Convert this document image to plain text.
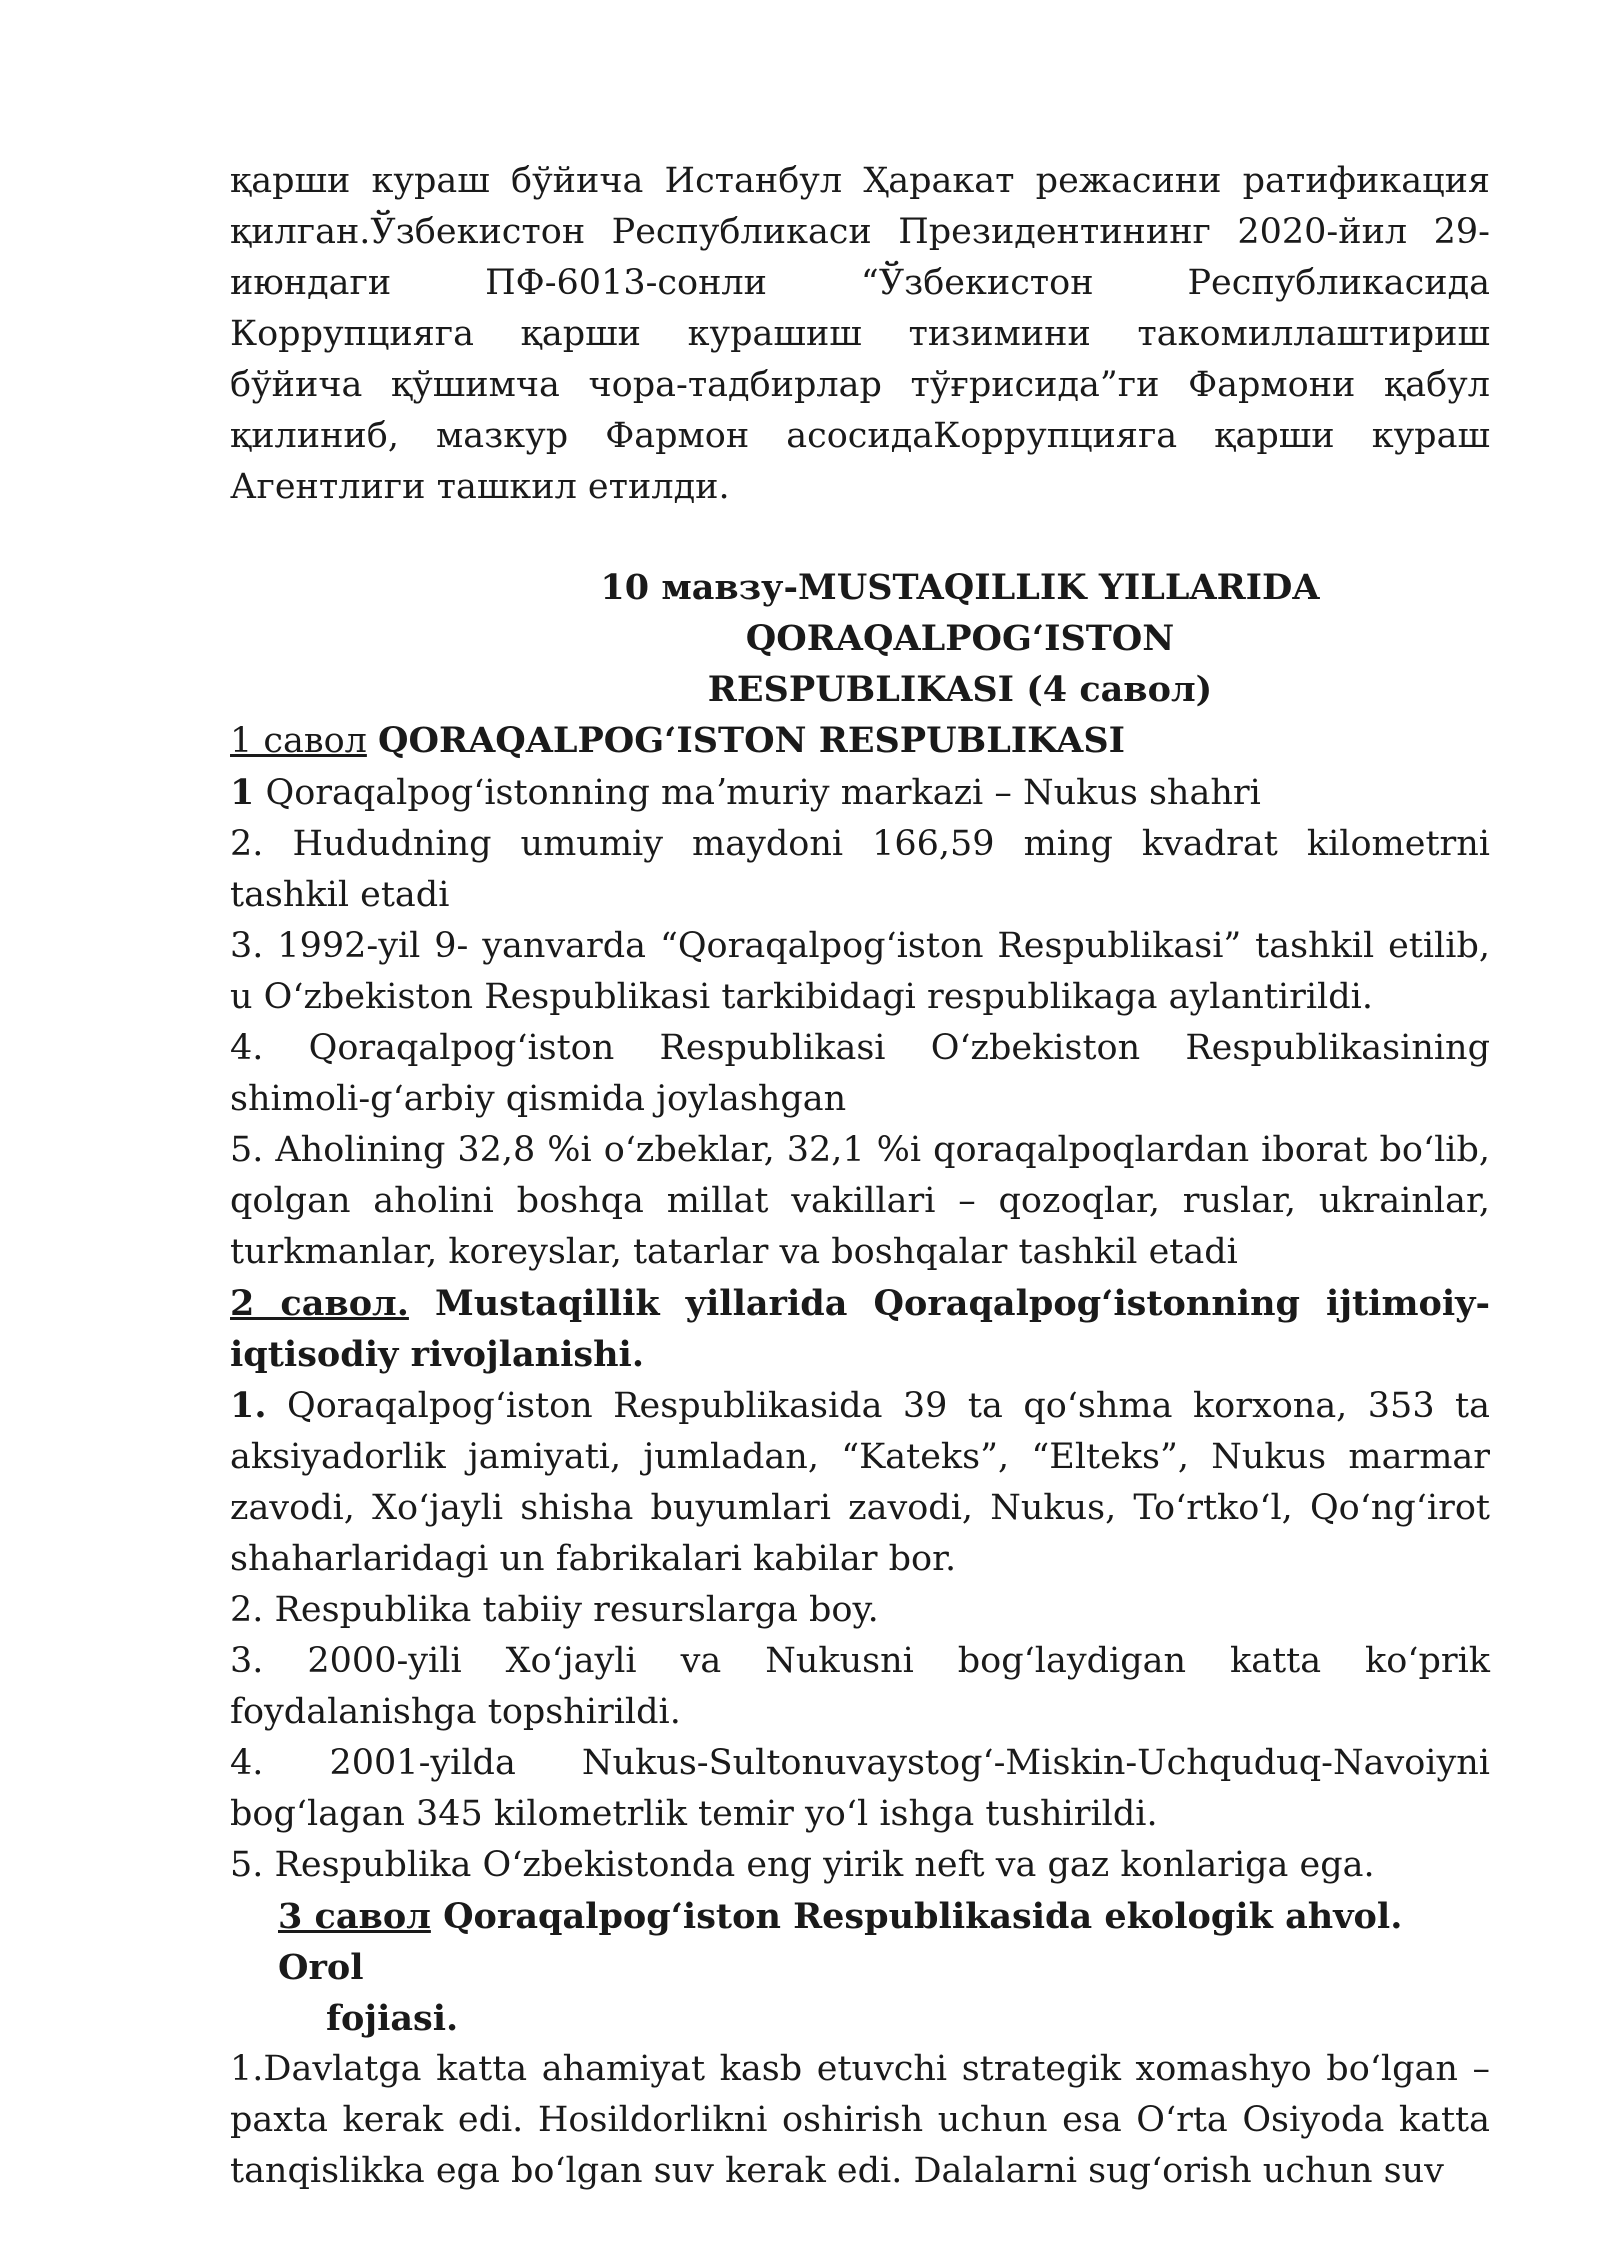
қарши кураш бўйича Истанбул Ҳаракат режасини ратификация қилган.Ўзбекистон Республикаси Президентининг 2020-йил 29-июндаги ПФ-6013-сонли “Ўзбекистон Республикасида Коррупцияга қарши курашиш тизимини такомиллаштириш бўйича қўшимча чора-тадбирлар тўғрисида”ги Фармони қабул қилиниб, мазкур Фармон асосидаКоррупцияга қарши кураш Агентлиги ташкил етилди.

10 мавзу-MUSTAQILLIK YILLARIDA QORAQALPOGʻISTON
RESPUBLIKASI (4 савол)

1 савол QORAQALPOGʻISTON RESPUBLIKASI

1 Qoraqalpogʻistonning maʼmuriy markazi – Nukus shahri

2. Hududning umumiy maydoni 166,59 ming kvadrat kilometrni tashkil etadi

3. 1992-yil 9- yanvarda “Qoraqalpogʻiston Respublikasi” tashkil etilib, u Oʻzbekiston Respublikasi tarkibidagi respublikaga aylantirildi.

4. Qoraqalpogʻiston Respublikasi Oʻzbekiston Respublikasining shimoli-gʻarbiy qismida joylashgan

5. Aholining 32,8 %i oʻzbeklar, 32,1 %i qoraqalpoqlardan iborat boʻlib, qolgan aholini boshqa millat vakillari – qozoqlar, ruslar, ukrainlar, turkmanlar, koreyslar, tatarlar va boshqalar tashkil etadi

2 савол. Mustaqillik yillarida Qoraqalpogʻistonning ijtimoiy-iqtisodiy rivojlanishi.

1. Qoraqalpogʻiston Respublikasida 39 ta qoʻshma korxona, 353 ta aksiyadorlik jamiyati, jumladan, “Kateks”, “Elteks”, Nukus marmar zavodi, Xoʻjayli shisha buyumlari zavodi, Nukus, Toʻrtkoʻl, Qoʻngʻirot shaharlaridagi un fabrikalari kabilar bor.

2. Respublika tabiiy resurslarga boy.

3. 2000-yili Xoʻjayli va Nukusni bogʻlaydigan katta koʻprik foydalanishga topshirildi.

4. 2001-yilda Nukus-Sultonuvaystogʻ-Miskin-Uchquduq-Navoiyni bogʻlagan 345 kilometrlik temir yoʻl ishga tushirildi.

5. Respublika Oʻzbekistonda eng yirik neft va gaz konlariga ega.

3 савол Qoraqalpogʻiston Respublikasida ekologik ahvol. Orol
fojiasi.

1.Davlatga katta ahamiyat kasb etuvchi strategik xomashyo boʻlgan – paxta kerak edi. Hosildorlikni oshirish uchun esa Oʻrta Osiyoda katta tanqislikka ega boʻlgan suv kerak edi. Dalalarni sugʻorish uchun suv
